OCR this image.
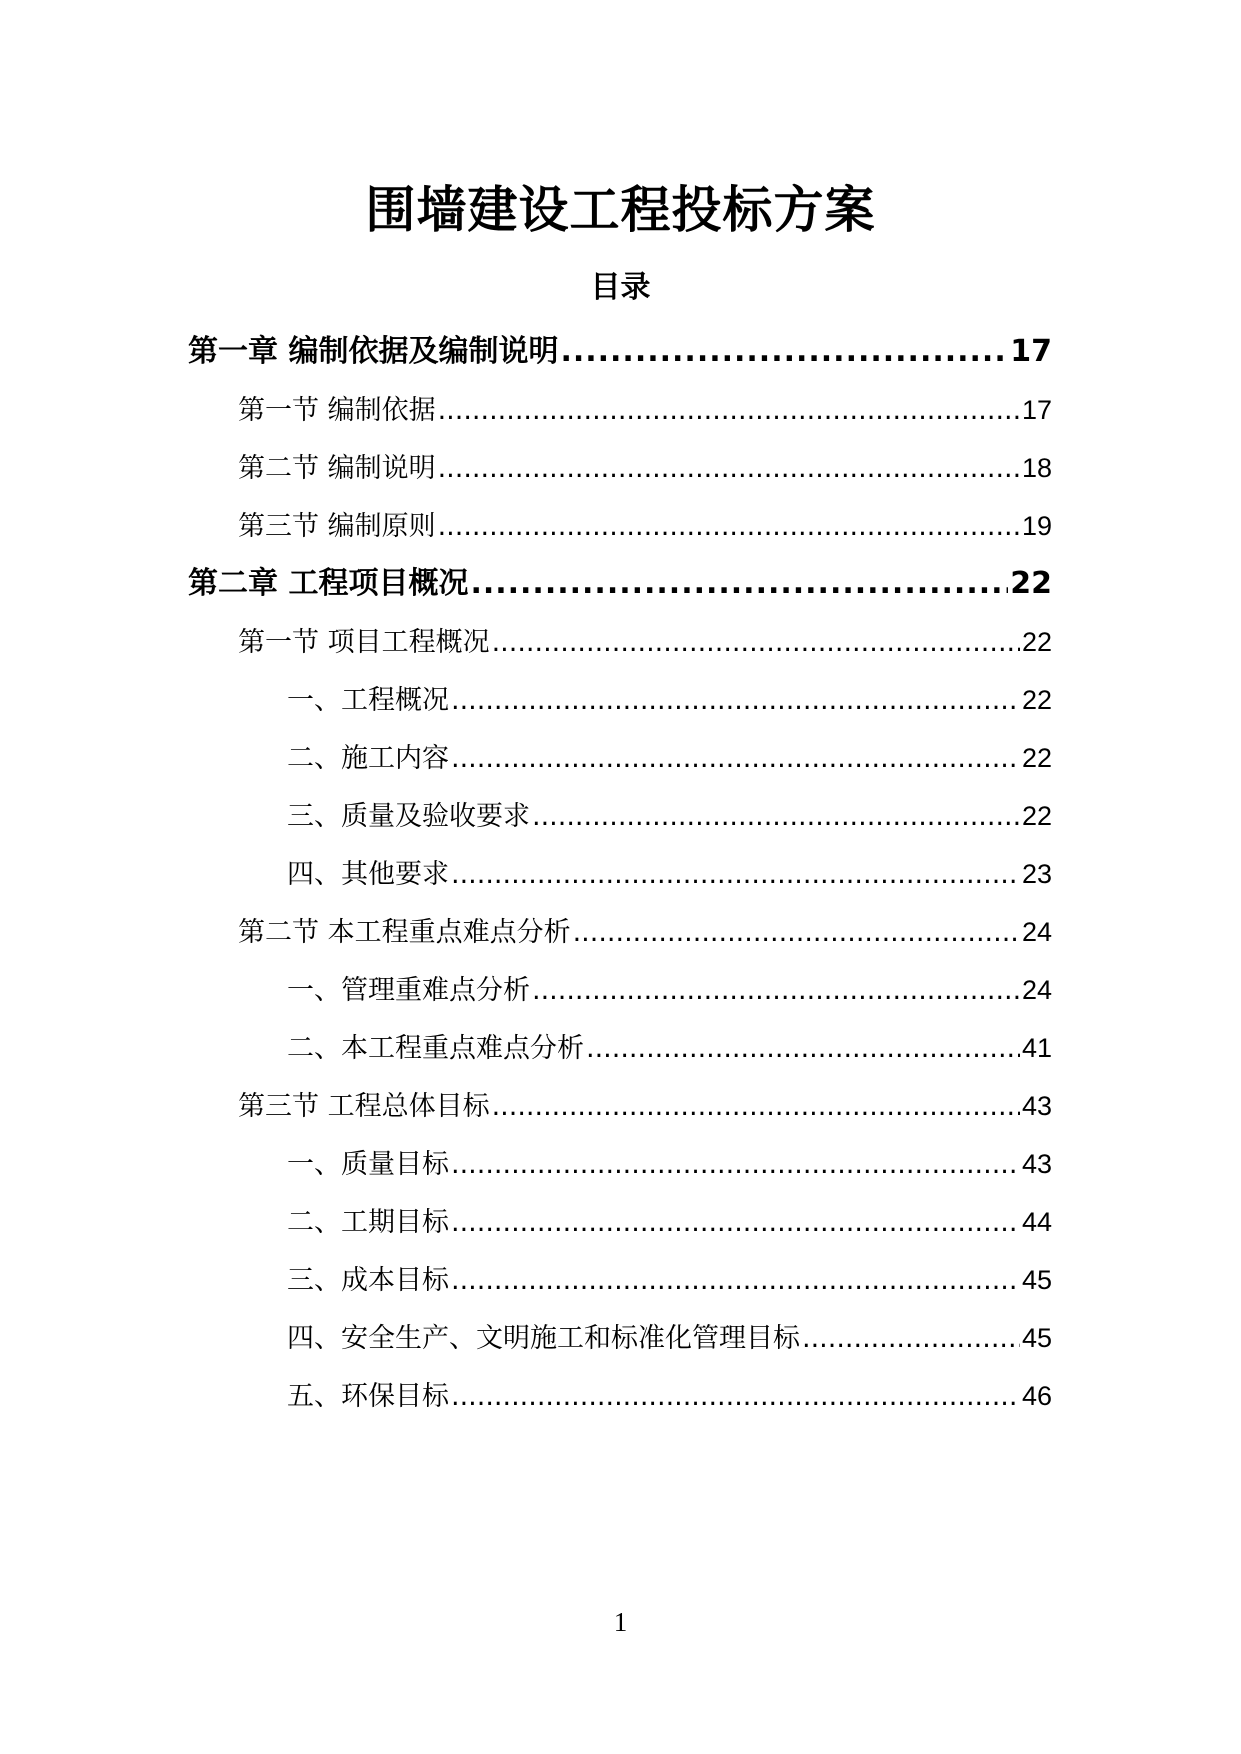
围墙建设工程投标方案
目录
第一章 编制依据及编制说明 .....	17
第一节 编制依据 .....	17
第二节 编制说明 .....	18
第三节 编制原则 .....	19
第二章 工程项目概况 .....	22
第一节 项目工程概况 .....	22
一、工程概况 .....	22
二、施工内容 .....	22
三、质量及验收要求 .....	22
四、其他要求 .....	23
第二节 本工程重点难点分析 .....	24
一、管理重难点分析 .....	24
二、本工程重点难点分析 .....	41
第三节 工程总体目标 .....	43
一、质量目标 .....	43
二、工期目标 .....	44
三、成本目标 .....	45
四、安全生产、文明施工和标准化管理目标 .....	45
五、环保目标 .....	46
1
